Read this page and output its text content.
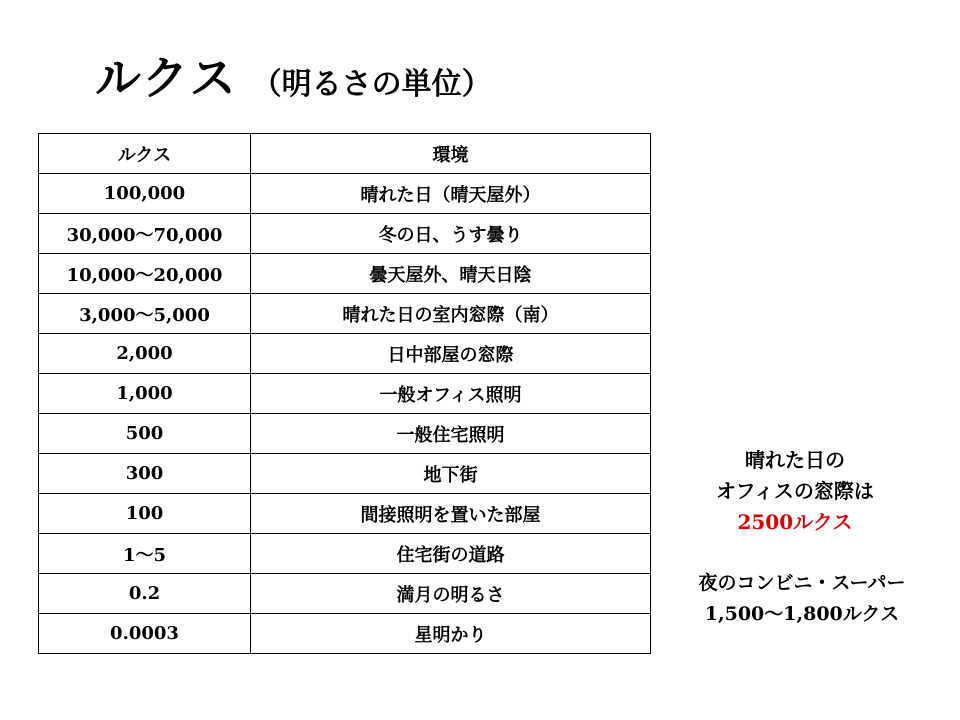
ルクス （明るさの単位）
ルクス	環境
100,000	晴れた日（晴天屋外）
30,000～70,000	冬の日、うす曇り
10,000～20,000	曇天屋外、晴天日陰
3,000～5,000	晴れた日の室内窓際（南）
2,000	日中部屋の窓際
1,000	一般オフィス照明
500	一般住宅照明
300	地下街
100	間接照明を置いた部屋
1～5	住宅街の道路
0.2	満月の明るさ
0.0003	星明かり
晴れた日の
オフィスの窓際は
2500ルクス
夜のコンビニ・スーパー
1,500～1,800ルクス
